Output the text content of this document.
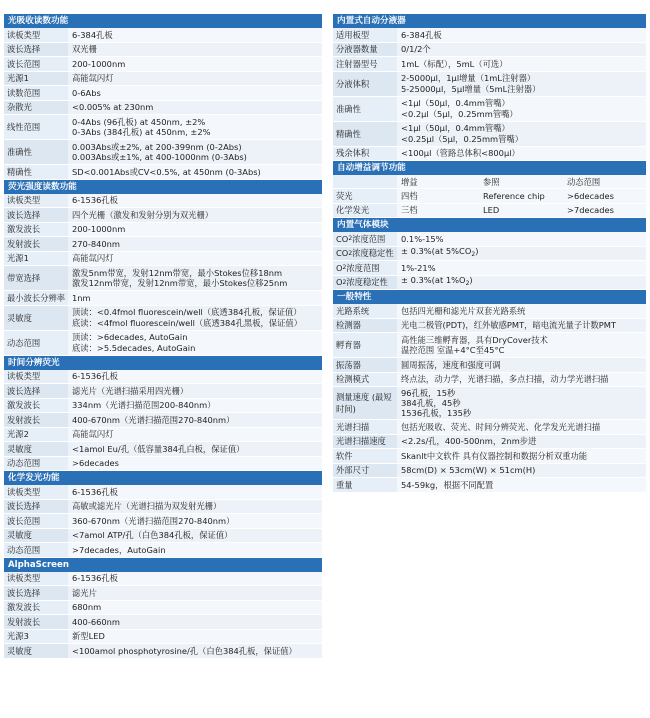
光吸收读数功能
读板类型	6-384孔板
波长选择	双光栅
波长范围	200-1000nm
光源1	高能氙闪灯
读数范围	0-6Abs
杂散光	<0.005% at 230nm
线性范围
0-4Abs (96孔板) at 450nm, ±2%
0-3Abs (384孔板) at 450nm, ±2%
准确性
0.003Abs或±2%, at 200-399nm (0-2Abs)
0.003Abs或±1%, at 400-1000nm (0-3Abs)
精确性	SD<0.001Abs或CV<0.5%, at 450nm (0-3Abs)
荧光强度读数功能
读板类型	6-1536孔板
波长选择	四个光栅（激发和发射分别为双光栅）
激发波长	200-1000nm
发射波长	270-840nm
光源1	高能氙闪灯
带宽选择
激发5nm带宽，发射12nm带宽，最小Stokes位移18nm
激发12nm带宽，发射12nm带宽，最小Stokes位移25nm
最小波长分辨率 1nm
灵敏度
顶读：<0.4fmol fluorescein/well（底透384孔板，保证值）
底读：<4fmol fluorescein/well（底透384孔黑板，保证值）
动态范围
顶读：>6decades, AutoGain
底读：>5.5decades, AutoGain
时间分辨荧光
读板类型	6-1536孔板
波长选择	滤光片（光谱扫描采用四光栅）
激发波长	334nm（光谱扫描范围200-840nm）
发射波长	400-670nm（光谱扫描范围270-840nm）
光源2	高能氙闪灯
灵敏度	<1amol Eu/孔（低容量384孔白板，保证值）
动态范围	>6decades
化学发光功能
读板类型	6-1536孔板
波长选择	高敏或滤光片（光谱扫描为双发射光栅）
波长范围	360-670nm（光谱扫描范围270-840nm）
灵敏度	<7amol ATP/孔（白色384孔板，保证值）
动态范围	>7decades，AutoGain
AlphaScreen
读板类型	6-1536孔板
波长选择	滤光片
激发波长	680nm
发射波长	400-660nm
光源3	新型LED
灵敏度	<100amol phosphotyrosine/孔（白色384孔板，保证值）
内置式自动分液器
适用板型	6-384孔板
分液器数量	0/1/2个
注射器型号	1mL（标配），5mL（可选）
分液体积
2-5000μl，1μl增量（1mL注射器）
5-25000μl，5μl增量（5mL注射器）
准确性
<1μl（50μl，0.4mm管嘴）
<0.2μl（5μl，0.25mm管嘴）
精确性
<1μl（50μl，0.4mm管嘴）
<0.25μl（5μl，0.25mm管嘴）
残余体积	<100μl（管路总体积<800μl）
自动增益调节功能
增益	参照	动态范围
荧光	四档	Reference chip	>6decades
化学发光	三档	LED	>7decades
内置气体模块
CO 2 浓度范围 0.1%-15%
CO 2 浓度稳定性 ± 0.3%(at $5\%CO_2$)
O 2 浓度范围	1%-21%
O 2 浓度稳定性 ± 0.3%(at $1\%O_2$)
一般特性
光路系统	包括四光栅和滤光片双套光路系统
检测器	光电二极管(PDT)，红外敏感PMT，暗电流光量子计数PMT
孵育器
高性能三维孵育器，具有DryCover技术
温控范围 室温+4°C至45°C
振荡器	圆周振荡，速度和强度可调
检测模式	终点法，动力学，光谱扫描，多点扫描，动力学光谱扫描
测量速度 (最短时间)
96孔板，15秒
384孔板，45秒
1536孔板，135秒
光谱扫描	包括光吸收、荧光、时间分辨荧光、化学发光光谱扫描
光谱扫描速度	<2.2s/孔，400-500nm，2nm步进
软件	Skanlt中文软件 具有仪器控制和数据分析双重功能
外部尺寸	58cm(D) × 53cm(W) × 51cm(H)
重量	54-59kg，根据不同配置
